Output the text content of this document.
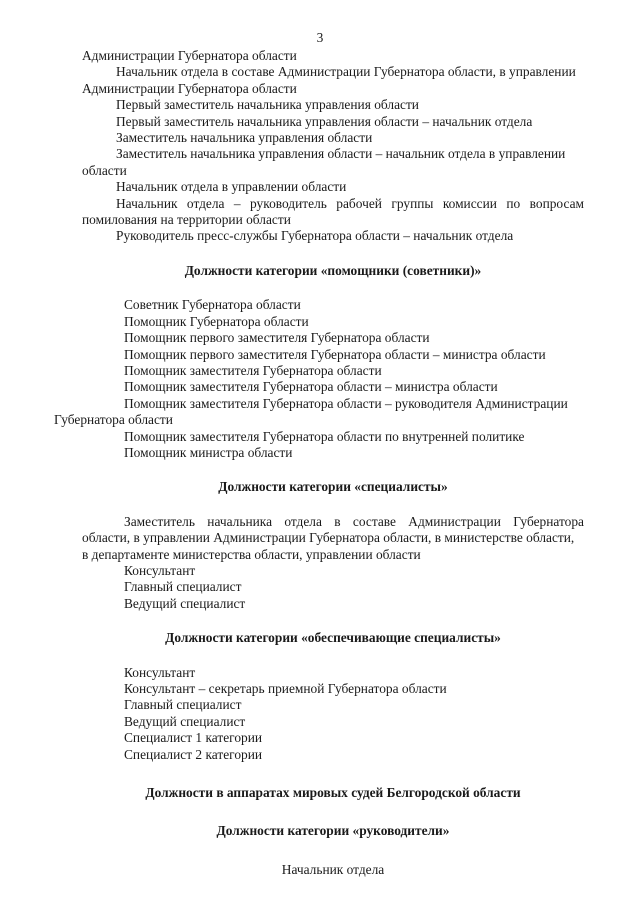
3

Администрации Губернатора области

Начальник отдела в составе Администрации Губернатора области, в управлении

Администрации Губернатора области

Первый заместитель начальника управления области

Первый заместитель начальника управления области – начальник отдела

Заместитель начальника управления области

Заместитель начальника управления области – начальник отдела в управлении

области

Начальник отдела в управлении области

Начальник отдела – руководитель рабочей группы комиссии по вопросам

помилования на территории области

Руководитель пресс-службы Губернатора области – начальник отдела

Должности категории «помощники (советники)»

Советник Губернатора области

Помощник Губернатора области

Помощник первого заместителя Губернатора области

Помощник первого заместителя Губернатора области – министра области

Помощник заместителя Губернатора области

Помощник заместителя Губернатора области – министра области

Помощник заместителя Губернатора области – руководителя Администрации

Губернатора области

Помощник заместителя Губернатора области по внутренней политике

Помощник министра области

Должности категории «специалисты»

Заместитель начальника отдела в составе Администрации Губернатора

области, в управлении Администрации Губернатора области, в министерстве области,

в департаменте министерства области, управлении области

Консультант

Главный специалист

Ведущий специалист

Должности категории «обеспечивающие специалисты»

Консультант

Консультант – секретарь приемной Губернатора области

Главный специалист

Ведущий специалист

Специалист 1 категории

Специалист 2 категории

Должности в аппаратах мировых судей Белгородской области

Должности категории «руководители»

Начальник отдела
